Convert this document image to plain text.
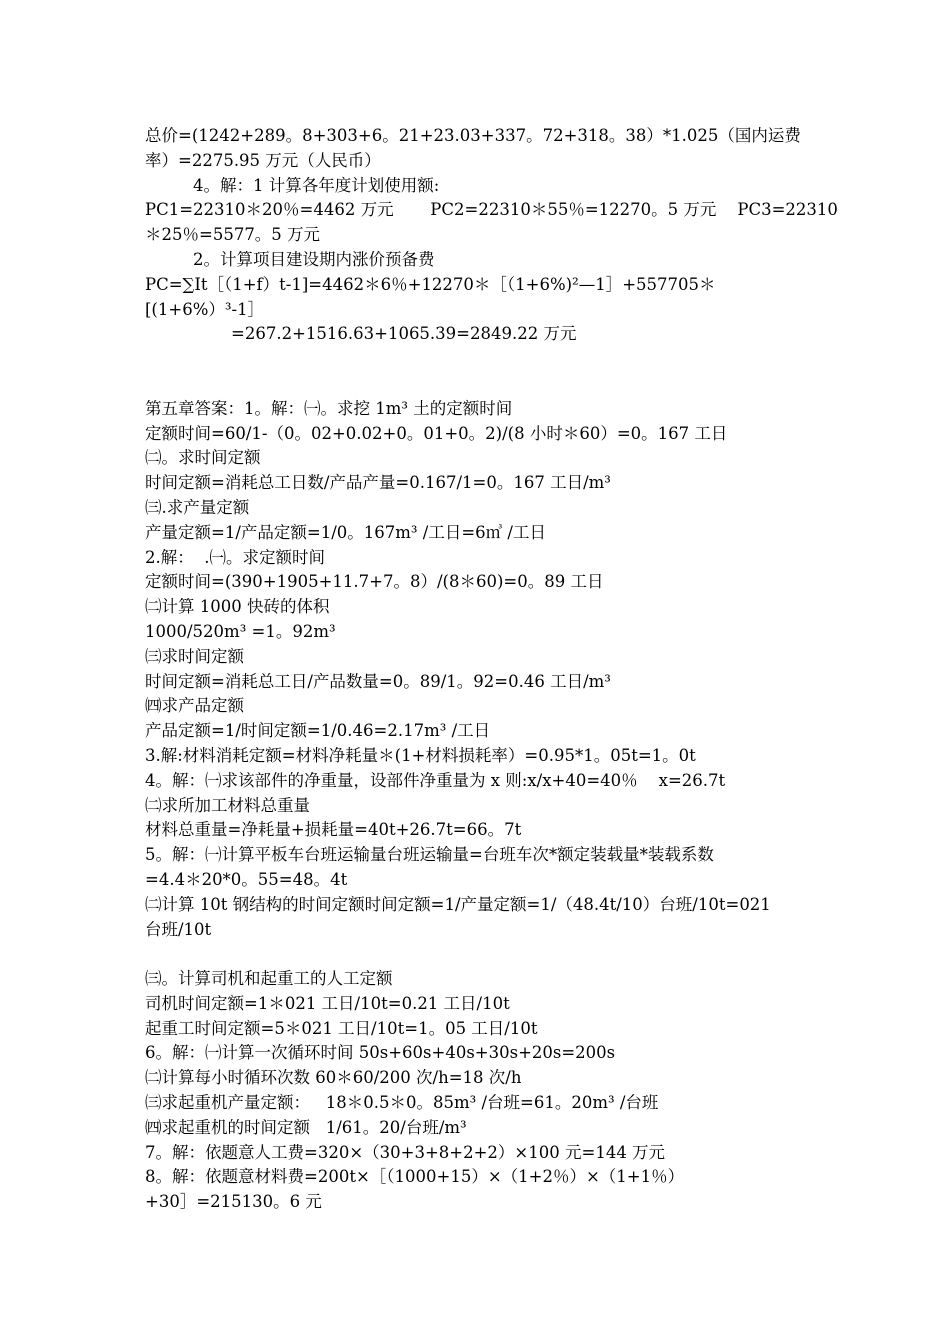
总价=(1242+289。8+303+6。21+23.03+337。72+318。38）*1.025（国内运费
率）=2275.95 万元（人民币）
4。解：1 计算各年度计划使用额:
PC1=22310＊20％=4462 万元       PC2=22310＊55％=12270。5 万元    PC3=22310
＊25％=5577。5 万元
2。计算项目建设期内涨价预备费
PC=∑It［（1+f）t-1]=4462＊6％+12270＊［（1+6%)²—1］+557705＊
[(1+6%）³-1］
=267.2+1516.63+1065.39=2849.22 万元
第五章答案：1。解：㈠。求挖 1m³ 土的定额时间
定额时间=60/1-（0。02+0.02+0。01+0。2)/(8 小时＊60）=0。167 工日
㈡。求时间定额
时间定额=消耗总工日数/产品产量=0.167/1=0。167 工日/m³
㈢.求产量定额
产量定额=1/产品定额=1/0。167m³ /工日=6㎥ /工日
2.解：  .㈠。求定额时间
定额时间=(390+1905+11.7+7。8）/(8＊60)=0。89 工日
㈡计算 1000 快砖的体积
1000/520m³ =1。92m³
㈢求时间定额
时间定额=消耗总工日/产品数量=0。89/1。92=0.46 工日/m³
㈣求产品定额
产品定额=1/时间定额=1/0.46=2.17m³ /工日
3.解:材料消耗定额=材料净耗量＊(1+材料损耗率）=0.95*1。05t=1。0t
4。解：㈠求该部件的净重量，设部件净重量为 x 则:x/x+40=40％    x=26.7t
㈡求所加工材料总重量
材料总重量=净耗量+损耗量=40t+26.7t=66。7t
5。解：㈠计算平板车台班运输量台班运输量=台班车次*额定装载量*装载系数
=4.4＊20*0。55=48。4t
㈡计算 10t 钢结构的时间定额时间定额=1/产量定额=1/（48.4t/10）台班/10t=021
台班/10t
㈢。计算司机和起重工的人工定额
司机时间定额=1＊021 工日/10t=0.21 工日/10t
起重工时间定额=5＊021 工日/10t=1。05 工日/10t
6。解：㈠计算一次循环时间 50s+60s+40s+30s+20s=200s
㈡计算每小时循环次数 60＊60/200 次/h=18 次/h
㈢求起重机产量定额：   18＊0.5＊0。85m³ /台班=61。20m³ /台班
㈣求起重机的时间定额   1/61。20/台班/m³
7。解：依题意人工费=320×（30+3+8+2+2）×100 元=144 万元
8。解：依题意材料费=200t×［（1000+15）×（1+2％）×（1+1％）
+30］=215130。6 元
